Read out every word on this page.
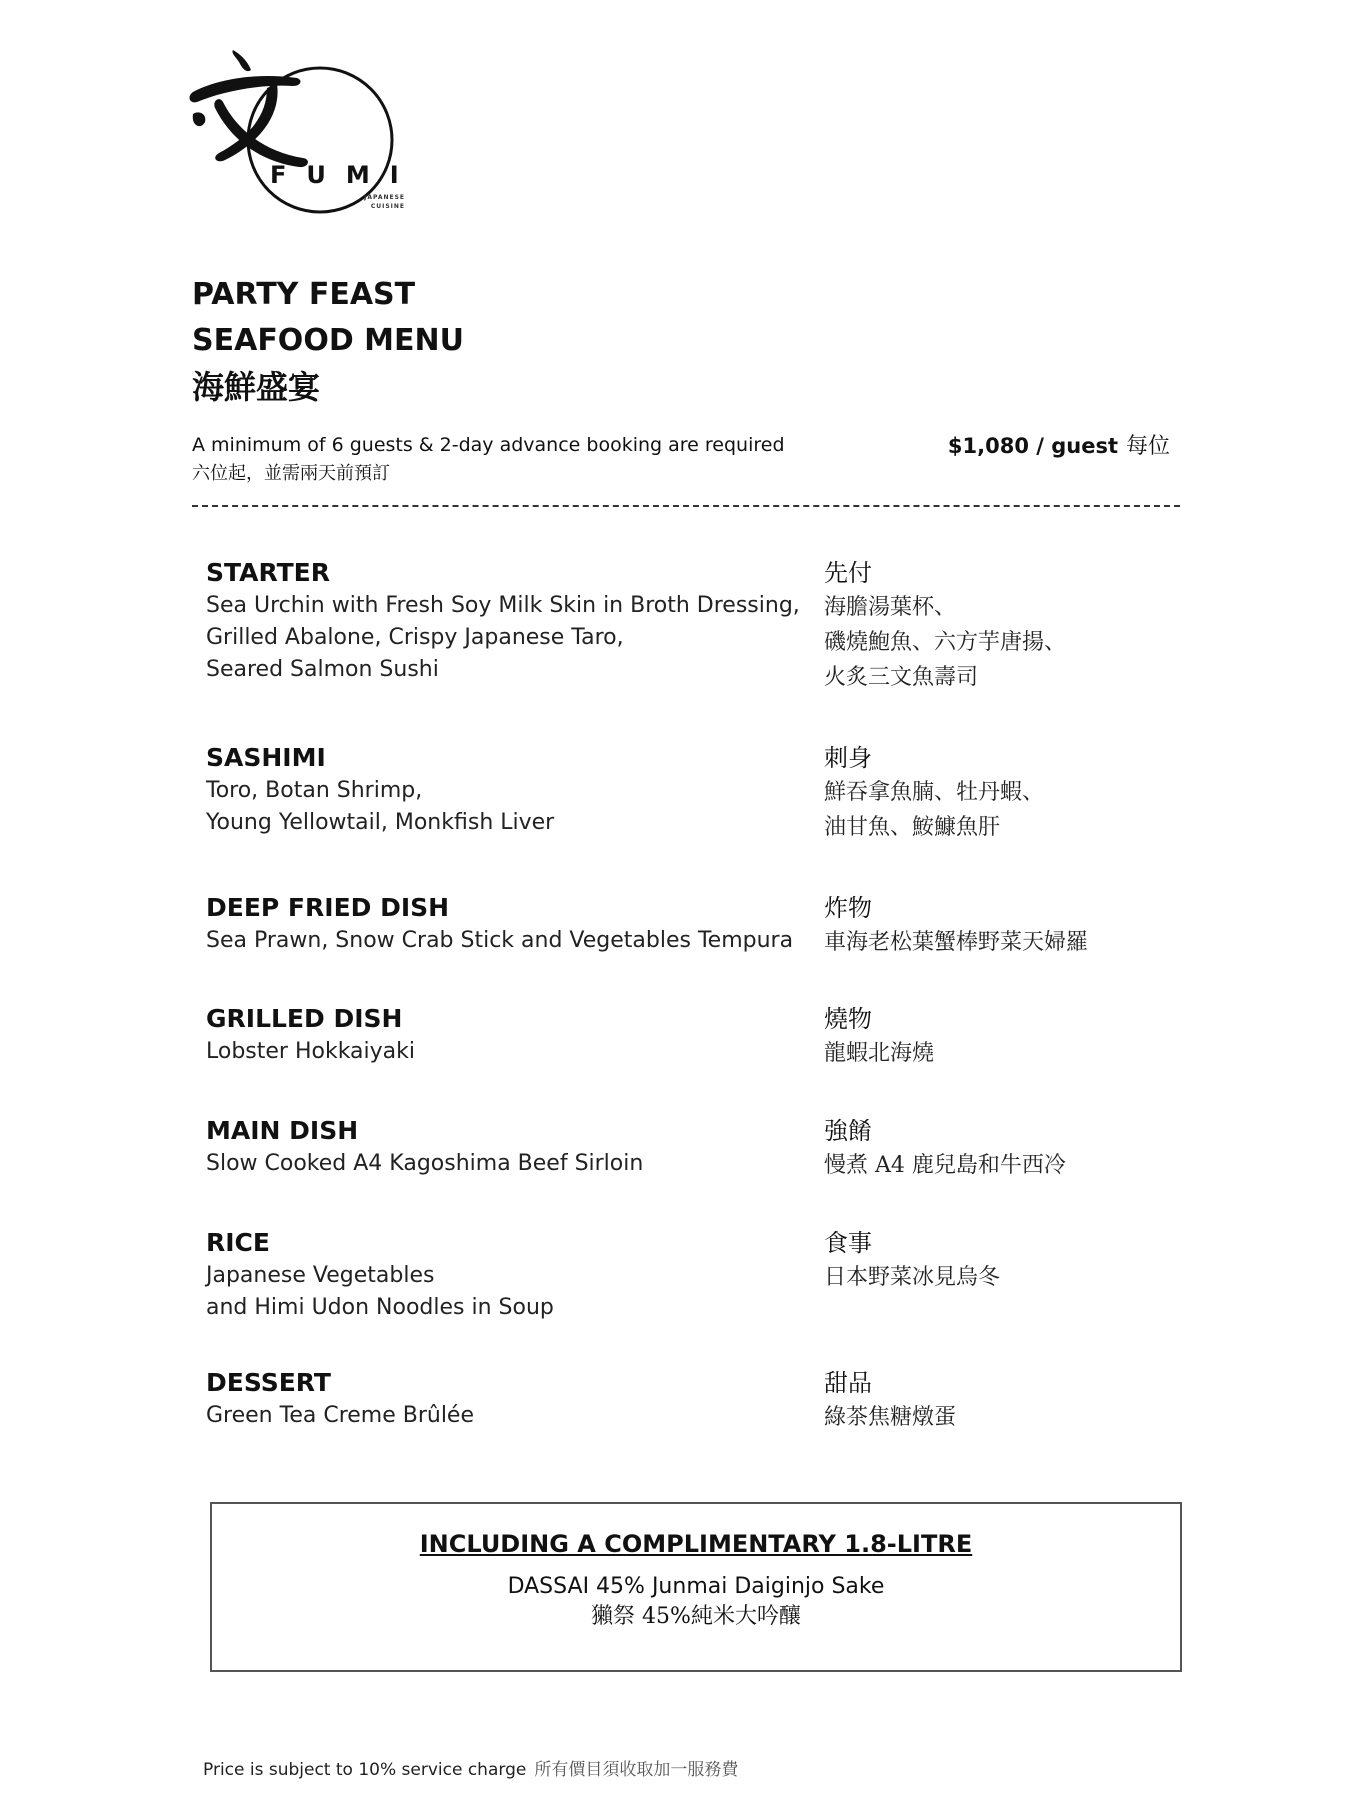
FUMI
JAPANESE CUISINE
PARTY FEAST
SEAFOOD MENU
海鮮盛宴
A minimum of 6 guests & 2-day advance booking are required
六位起，並需兩天前預訂
$1,080 / guest 每位
STARTER
Sea Urchin with Fresh Soy Milk Skin in Broth Dressing,
Grilled Abalone, Crispy Japanese Taro,
Seared Salmon Sushi
先付
海膽湯葉杯、
磯燒鮑魚、六方芋唐揚、
火炙三文魚壽司
SASHIMI
Toro, Botan Shrimp,
Young Yellowtail, Monkfish Liver
刺身
鮮吞拿魚腩、牡丹蝦、
油甘魚、鮟鱇魚肝
DEEP FRIED DISH
Sea Prawn, Snow Crab Stick and Vegetables Tempura
炸物
車海老松葉蟹棒野菜天婦羅
GRILLED DISH
Lobster Hokkaiyaki
燒物
龍蝦北海燒
MAIN DISH
Slow Cooked A4 Kagoshima Beef Sirloin
強餚
慢煮 A4 鹿兒島和牛西冷
RICE
Japanese Vegetables
and Himi Udon Noodles in Soup
食事
日本野菜冰見烏冬
DESSERT
Green Tea Creme Brûlée
甜品
綠茶焦糖燉蛋
INCLUDING A COMPLIMENTARY 1.8-LITRE
DASSAI 45% Junmai Daiginjo Sake
獺祭 45%純米大吟釀
Price is subject to 10% service charge 所有價目須收取加一服務費
